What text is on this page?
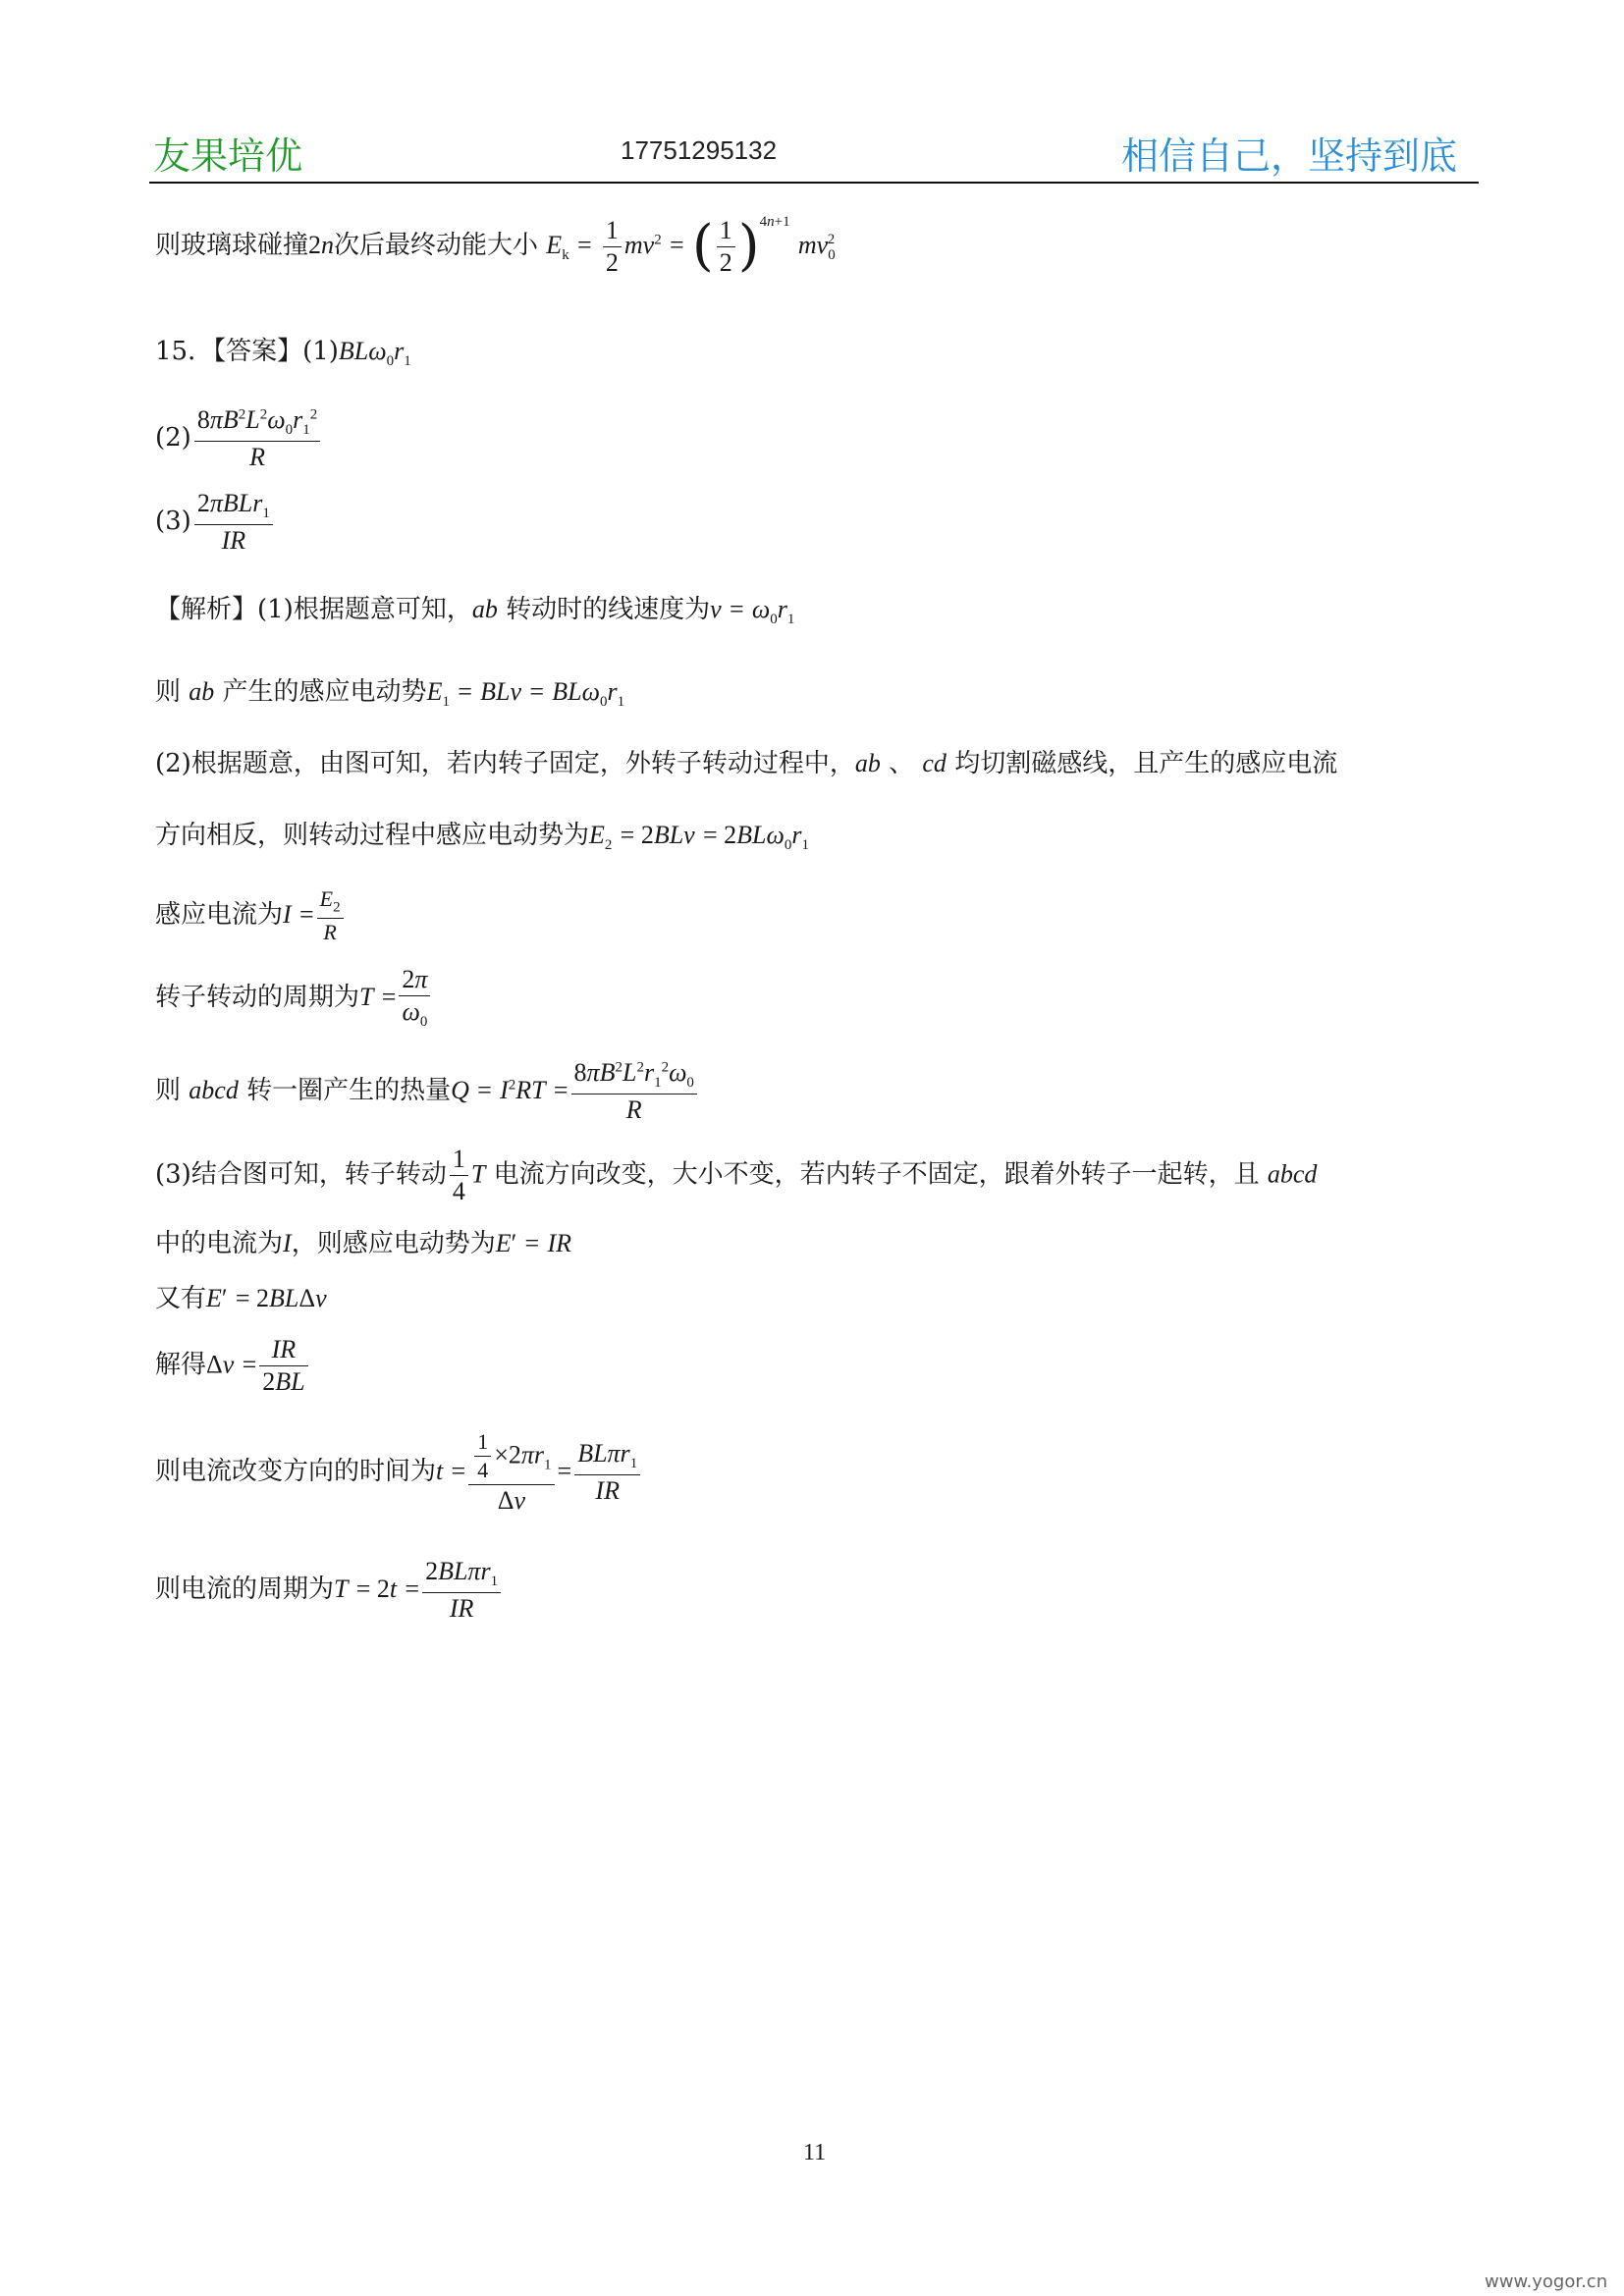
友果培优	17751295132	相信自己，坚持到底
则玻璃球碰撞2n次后最终动能大小 $E_k = \frac{1}{2} mv^2$ = ( $\frac{1}{2} )^{4n+1}$ $mv_0^2$
15．【答案】$(1)BL\omega_0r_1$
$(2) \frac{8\pi B^2L^2\omega_0r_1^2}{R}$
$(3) \frac{2\pi BLr_1}{IR}$
【解析】(1)根据题意可知，ab 转动时的线速度为$v = \omega_0r_1$
则 ab 产生的感应电动势$E_1$ = BLv = $BL\omega_0r_1$
(2)根据题意，由图可知，若内转子固定，外转子转动过程中，ab 、 cd 均切割磁感线，且产生的感应电流
方向相反，则转动过程中感应电动势为$E_2 = 2BLv = 2BL\omega_0r_1$
感应电流为$I = \frac{E_2}{R}$
转子转动的周期为$T = \frac{2\pi}{\omega_0}$
则 abcd 转一圈产生的热量$Q = I^2RT = \frac{8\pi B^2L^2r_1^2\omega_0}{R}$
(3)结合图可知，转子转动 $\frac{1}{4}$ T 电流方向改变，大小不变，若内转子不固定，跟着外转子一起转，且 abcd
中的电流为I，则感应电动势为E′ = IR
又有E′ = 2BLΔv
解得$\Delta v = \frac{IR}{2BL}$
则电流改变方向的时间为$t = \frac{\frac{1}{4} \times 2\pi r_1}{\Delta v} = \frac{BL\pi r_1}{IR}$
则电流的周期为$T = 2t = \frac{2BL\pi r_1}{IR}$
11
www.yogor.cn
